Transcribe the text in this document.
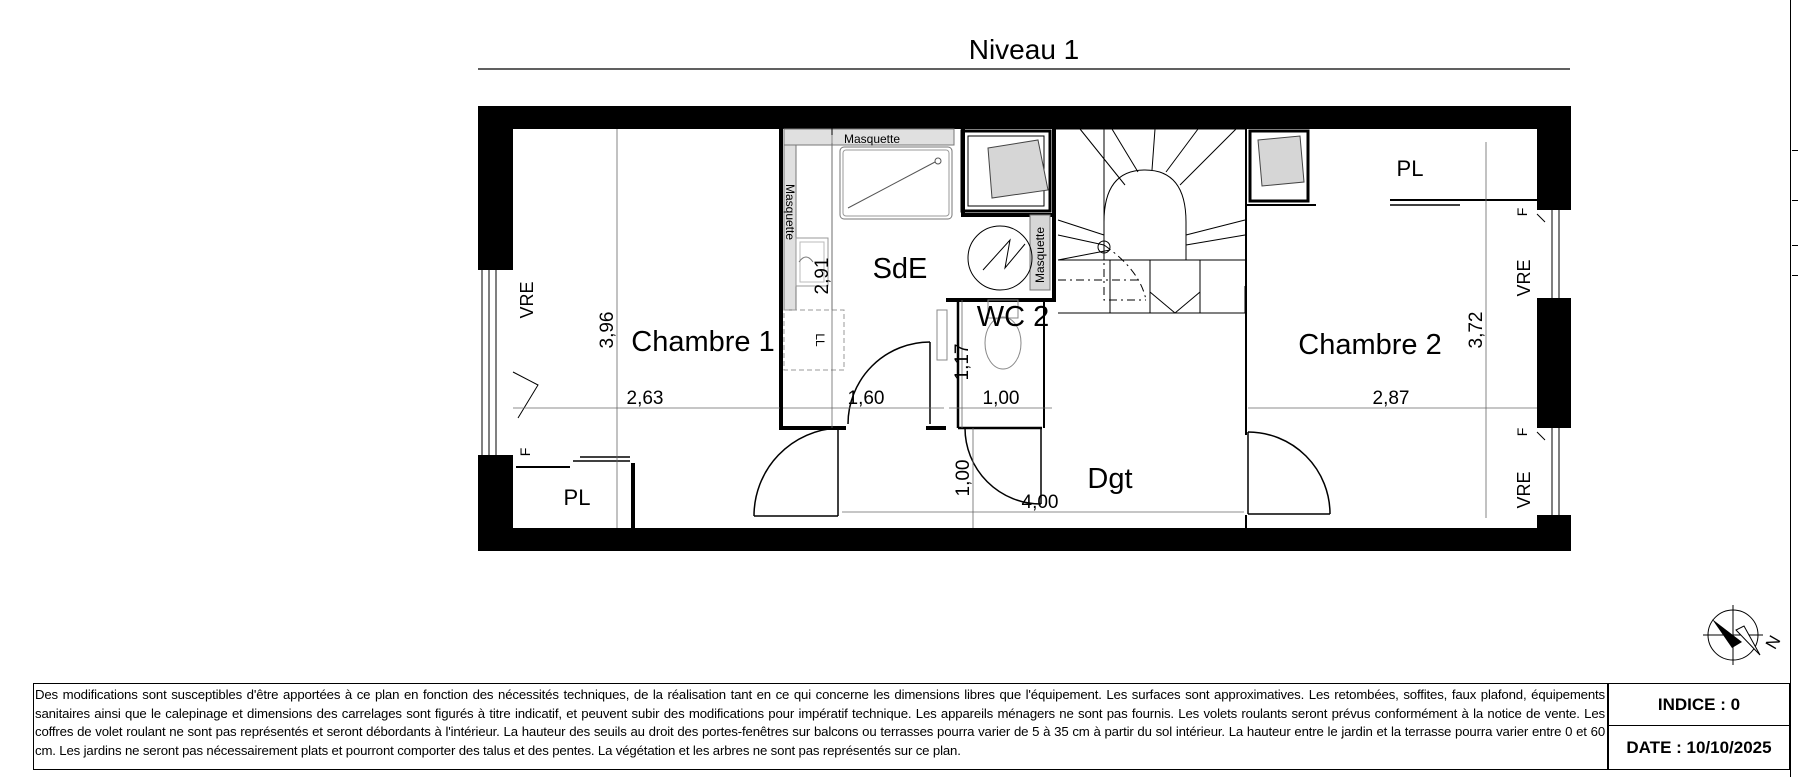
Niveau 1
Chambre 1	Chambre 2
SdE
WC 2
Dgt
PL
PL
VRE
VRE
VRE
F
F
F
Masquette
Masquette
Masquette
LL
3,96
2,63
2,91
1,60
1,17
1,00
1,00
4,00
3,72
2,87
N
Des modifications sont susceptibles d'être apportées à ce plan en fonction des nécessités techniques, de la réalisation tant en ce qui concerne les dimensions libres que l'équipement. Les surfaces sont approximatives. Les retombées, soffites, faux plafond, équipements sanitaires ainsi que le calepinage et dimensions des carrelages sont figurés à titre indicatif, et peuvent subir des modifications pour impératif technique. Les appareils ménagers ne sont pas fournis. Les volets roulants seront prévus conformément à la notice de vente. Les coffres de volet roulant ne sont pas représentés et seront débordants à l'intérieur. La hauteur des seuils au droit des portes-fenêtres sur balcons ou terrasses pourra varier de 5 à 35 cm à partir du sol intérieur. La hauteur entre le jardin et la terrasse pourra varier entre 0 et 60 cm. Les jardins ne seront pas nécessairement plats et pourront comporter des talus et des pentes. La végétation et les arbres ne sont pas représentés sur ce plan.
INDICE : 0
DATE : 10/10/2025
